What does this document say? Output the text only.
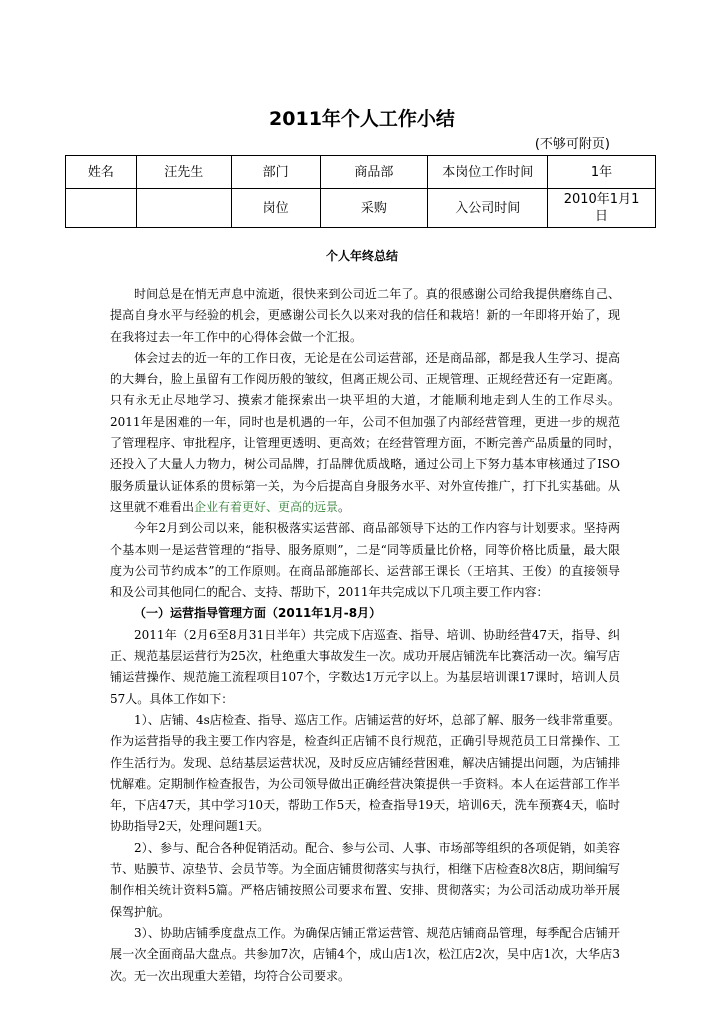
2011年个人工作小结
(不够可附页)
姓名	汪先生	部门	商品部	本岗位工作时间	1年
		岗位	采购	入公司时间	2010年1月1日
个人年终总结

时间总是在悄无声息中流逝，很快来到公司近二年了。真的很感谢公司给我提供磨练自己、提高自身水平与经验的机会，更感谢公司长久以来对我的信任和栽培！新的一年即将开始了，现在我将过去一年工作中的心得体会做一个汇报。

体会过去的近一年的工作日夜，无论是在公司运营部，还是商品部，都是我人生学习、提高的大舞台，脸上虽留有工作阅历般的皱纹，但离正规公司、正规管理、正规经营还有一定距离。只有永无止尽地学习、摸索才能探索出一块平坦的大道，才能顺利地走到人生的工作尽头。2011年是困难的一年，同时也是机遇的一年，公司不但加强了内部经营管理，更进一步的规范了管理程序、审批程序，让管理更透明、更高效；在经营管理方面，不断完善产品质量的同时，还投入了大量人力物力，树公司品牌，打品牌优质战略，通过公司上下努力基本审核通过了ISO服务质量认证体系的贯标第一关，为今后提高自身服务水平、对外宣传推广，打下扎实基础。从这里就不难看出企业有着更好、更高的远景。

今年2月到公司以来，能积极落实运营部、商品部领导下达的工作内容与计划要求。坚持两个基本则一是运营管理的“指导、服务原则”，二是“同等质量比价格，同等价格比质量，最大限度为公司节约成本”的工作原则。在商品部施部长、运营部王课长（王培其、王俊）的直接领导和及公司其他同仁的配合、支持、帮助下，2011年共完成以下几项主要工作内容：

（一）运营指导管理方面（2011年1月-8月）

2011年（2月6至8月31日半年）共完成下店巡查、指导、培训、协助经营47天，指导、纠正、规范基层运营行为25次，杜绝重大事故发生一次。成功开展店铺洗车比赛活动一次。编写店铺运营操作、规范施工流程项目107个，字数达1万元字以上。为基层培训课17课时，培训人员57人。具体工作如下：

1）、店铺、4s店检查、指导、巡店工作。店铺运营的好坏，总部了解、服务一线非常重要。作为运营指导的我主要工作内容是，检查纠正店铺不良行规范，正确引导规范员工日常操作、工作生活行为。发现、总结基层运营状况，及时反应店铺经营困难，解决店铺提出问题，为店铺排忧解难。定期制作检查报告，为公司领导做出正确经营决策提供一手资料。本人在运营部工作半年，下店47天，其中学习10天，帮助工作5天，检查指导19天，培训6天，洗车预赛4天，临时协助指导2天，处理问题1天。

2）、参与、配合各种促销活动。配合、参与公司、人事、市场部等组织的各项促销，如美容节、贴膜节、凉垫节、会员节等。为全面店铺贯彻落实与执行，相继下店检查8次8店，期间编写制作相关统计资料5篇。严格店铺按照公司要求布置、安排、贯彻落实；为公司活动成功举开展保驾护航。

3）、协助店铺季度盘点工作。为确保店铺正常运营管、规范店铺商品管理，每季配合店铺开展一次全面商品大盘点。共参加7次，店铺4个，成山店1次，松江店2次，吴中店1次，大华店3次。无一次出现重大差错，均符合公司要求。
